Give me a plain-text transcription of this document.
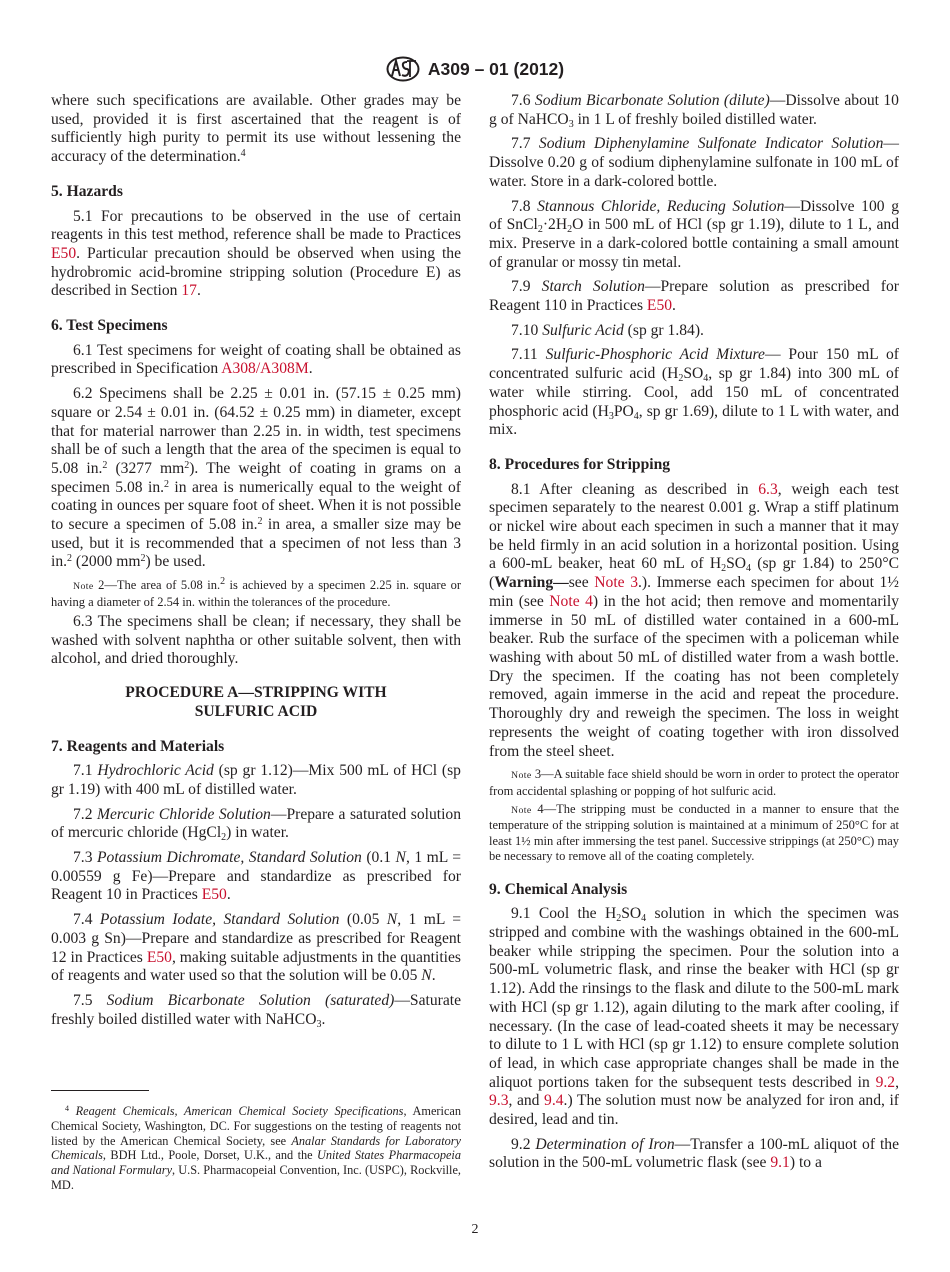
A309 – 01 (2012)

where such specifications are available. Other grades may be used, provided it is first ascertained that the reagent is of sufficiently high purity to permit its use without lessening the accuracy of the determination.$^4$

5. Hazards

5.1 For precautions to be observed in the use of certain reagents in this test method, reference shall be made to Practices E50. Particular precaution should be observed when using the hydrobromic acid-bromine stripping solution (Procedure E) as described in Section 17.

6. Test Specimens

6.1 Test specimens for weight of coating shall be obtained as prescribed in Specification A308/A308M.

6.2 Specimens shall be 2.25 ± 0.01 in. (57.15 ± 0.25 mm) square or 2.54 ± 0.01 in. (64.52 ± 0.25 mm) in diameter, except that for material narrower than 2.25 in. in width, test specimens shall be of such a length that the area of the specimen is equal to 5.08 in.$^2$ (3277 $mm^2$). The weight of coating in grams on a specimen 5.08 in.$^2$ in area is numerically equal to the weight of coating in ounces per square foot of sheet. When it is not possible to secure a specimen of 5.08 in.$^2$ in area, a smaller size may be used, but it is recommended that a specimen of not less than 3 in.$^2$ (2000 $mm^2$) be used.

Note 2—The area of 5.08 in.$^2$ is achieved by a specimen 2.25 in. square or having a diameter of 2.54 in. within the tolerances of the procedure.

6.3 The specimens shall be clean; if necessary, they shall be washed with solvent naphtha or other suitable solvent, then with alcohol, and dried thoroughly.

PROCEDURE A—STRIPPING WITH
SULFURIC ACID
7. Reagents and Materials

7.1 Hydrochloric Acid (sp gr 1.12)—Mix 500 mL of HCl (sp gr 1.19) with 400 mL of distilled water.

7.2 Mercuric Chloride Solution—Prepare a saturated solution of mercuric chloride (HgCl$_2$) in water.

7.3 Potassium Dichromate, Standard Solution (0.1 N, 1 mL = 0.00559 g Fe)—Prepare and standardize as prescribed for Reagent 10 in Practices E50.

7.4 Potassium Iodate, Standard Solution (0.05 N, 1 mL = 0.003 g Sn)—Prepare and standardize as prescribed for Reagent 12 in Practices E50, making suitable adjustments in the quantities of reagents and water used so that the solution will be 0.05 N.

7.5 Sodium Bicarbonate Solution (saturated)—Saturate freshly boiled distilled water with NaHCO$_3$.

$^4$ Reagent Chemicals, American Chemical Society Specifications, American Chemical Society, Washington, DC. For suggestions on the testing of reagents not listed by the American Chemical Society, see Analar Standards for Laboratory Chemicals, BDH Ltd., Poole, Dorset, U.K., and the United States Pharmacopeia and National Formulary, U.S. Pharmacopeial Convention, Inc. (USPC), Rockville, MD.

7.6 Sodium Bicarbonate Solution (dilute)—Dissolve about 10 g of NaHCO$_3$ in 1 L of freshly boiled distilled water.

7.7 Sodium Diphenylamine Sulfonate Indicator Solution—Dissolve 0.20 g of sodium diphenylamine sulfonate in 100 mL of water. Store in a dark-colored bottle.

7.8 Stannous Chloride, Reducing Solution—Dissolve 100 g of $SnCl_2\cdot 2H_2O$ in 500 mL of HCl (sp gr 1.19), dilute to 1 L, and mix. Preserve in a dark-colored bottle containing a small amount of granular or mossy tin metal.

7.9 Starch Solution—Prepare solution as prescribed for Reagent 110 in Practices E50.

7.10 Sulfuric Acid (sp gr 1.84).

7.11 Sulfuric-Phosphoric Acid Mixture— Pour 150 mL of concentrated sulfuric acid ($H_2SO_4$, sp gr 1.84) into 300 mL of water while stirring. Cool, add 150 mL of concentrated phosphoric acid ($H_3PO_4$, sp gr 1.69), dilute to 1 L with water, and mix.

8. Procedures for Stripping

8.1 After cleaning as described in 6.3, weigh each test specimen separately to the nearest 0.001 g. Wrap a stiff platinum or nickel wire about each specimen in such a manner that it may be held firmly in an acid solution in a horizontal position. Using a 600-mL beaker, heat 60 mL of $H_2SO_4$ (sp gr 1.84) to 250°C (Warning—see Note 3.). Immerse each specimen for about 1½ min (see Note 4) in the hot acid; then remove and momentarily immerse in 50 mL of distilled water contained in a 600-mL beaker. Rub the surface of the specimen with a policeman while washing with about 50 mL of distilled water from a wash bottle. Dry the specimen. If the coating has not been completely removed, again immerse in the acid and repeat the procedure. Thoroughly dry and reweigh the specimen. The loss in weight represents the weight of coating together with iron dissolved from the steel sheet.

Note 3—A suitable face shield should be worn in order to protect the operator from accidental splashing or popping of hot sulfuric acid.

Note 4—The stripping must be conducted in a manner to ensure that the temperature of the stripping solution is maintained at a minimum of 250°C for at least 1½ min after immersing the test panel. Successive strippings (at 250°C) may be necessary to remove all of the coating completely.

9. Chemical Analysis

9.1 Cool the $H_2SO_4$ solution in which the specimen was stripped and combine with the washings obtained in the 600-mL beaker while stripping the specimen. Pour the solution into a 500-mL volumetric flask, and rinse the beaker with HCl (sp gr 1.12). Add the rinsings to the flask and dilute to the 500-mL mark with HCl (sp gr 1.12), again diluting to the mark after cooling, if necessary. (In the case of lead-coated sheets it may be necessary to dilute to 1 L with HCl (sp gr 1.12) to ensure complete solution of lead, in which case appropriate changes shall be made in the aliquot portions taken for the subsequent tests described in 9.2, 9.3, and 9.4.) The solution must now be analyzed for iron and, if desired, lead and tin.

9.2 Determination of Iron—Transfer a 100-mL aliquot of the solution in the 500-mL volumetric flask (see 9.1) to a

2
